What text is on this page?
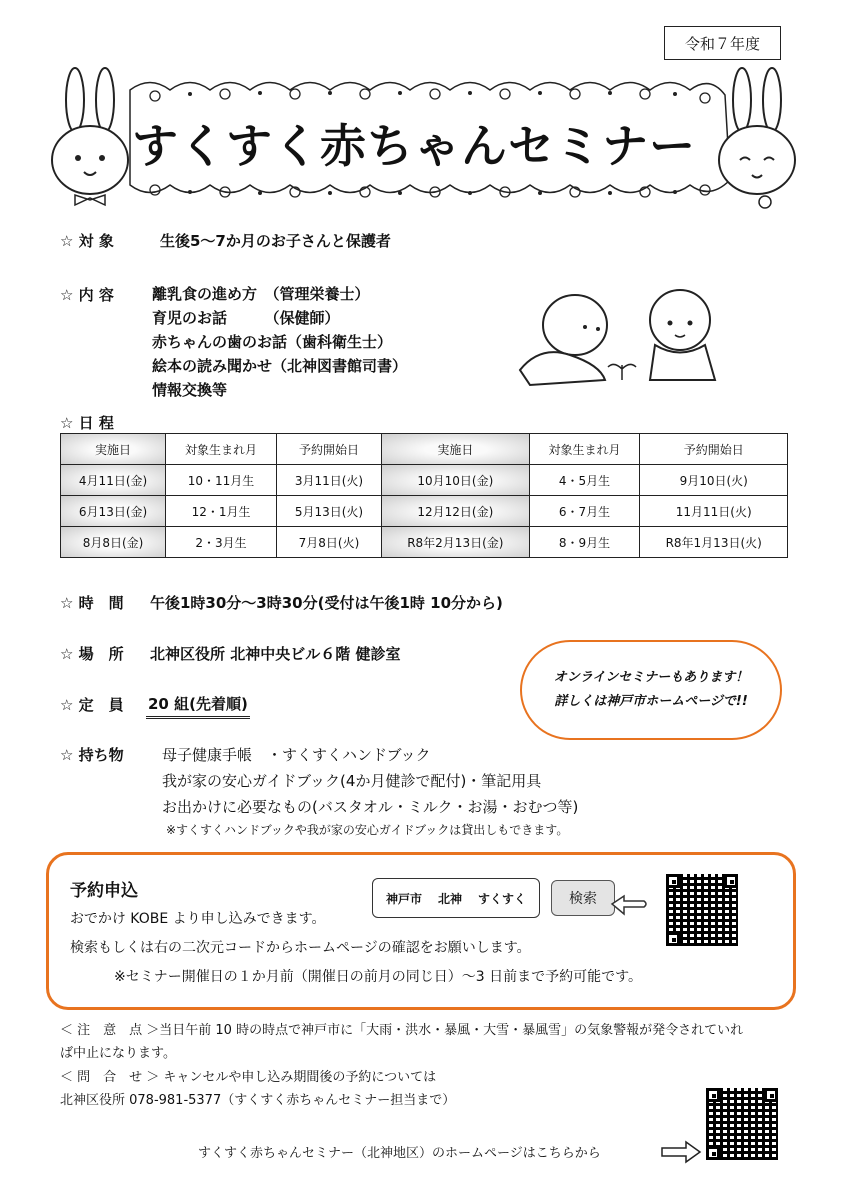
令和７年度
すくすく赤ちゃんセミナー
☆ 対 象	生後5～7か月のお子さんと保護者
☆ 内 容	離乳食の進め方　（管理栄養士）
育児のお話　　　（保健師）
赤ちゃんの歯のお話（歯科衛生士）
絵本の読み聞かせ（北神図書館司書）
情報交換等
☆ 日 程
実施日	対象生まれ月	予約開始日	実施日	対象生まれ月	予約開始日
4月11日(金)	10・11月生	3月11日(火)	10月10日(金)	4・5月生	9月10日(火)
6月13日(金)	12・1月生	5月13日(火)	12月12日(金)	6・7月生	11月11日(火)
8月8日(金)	2・3月生	7月8日(火)	R8年2月13日(金)	8・9月生	R8年1月13日(火)
☆ 時　間 午後1時30分～3時30分(受付は午後1時 10分から)
☆ 場　所 北神区役所 北神中央ビル６階 健診室
☆ 定　員 20 組(先着順)
オンラインセミナーもあります！
詳しくは神戸市ホームページで!!
☆ 持ち物	母子健康手帳　・すくすくハンドブック
我が家の安心ガイドブック(4か月健診で配付)・筆記用具
お出かけに必要なもの(バスタオル・ミルク・お湯・おむつ等)
※すくすくハンドブックや我が家の安心ガイドブックは貸出しもできます。
予約申込
おでかけ KOBE より申し込みできます。
検索もしくは右の二次元コードからホームページの確認をお願いします。
※セミナー開催日の１か月前（開催日の前月の同じ日）～3 日前まで予約可能です。
神戸市 北神 すくすく	検索
＜ 注　意　点 ＞当日午前 10 時の時点で神戸市に「大雨・洪水・暴風・大雪・暴風雪」の気象警報が発令されていれ
ば中止になります。
＜ 問　合　せ ＞ キャンセルや申し込み期間後の予約については
北神区役所 078-981-5377（すくすく赤ちゃんセミナー担当まで）
すくすく赤ちゃんセミナー（北神地区）のホームページはこちらから
